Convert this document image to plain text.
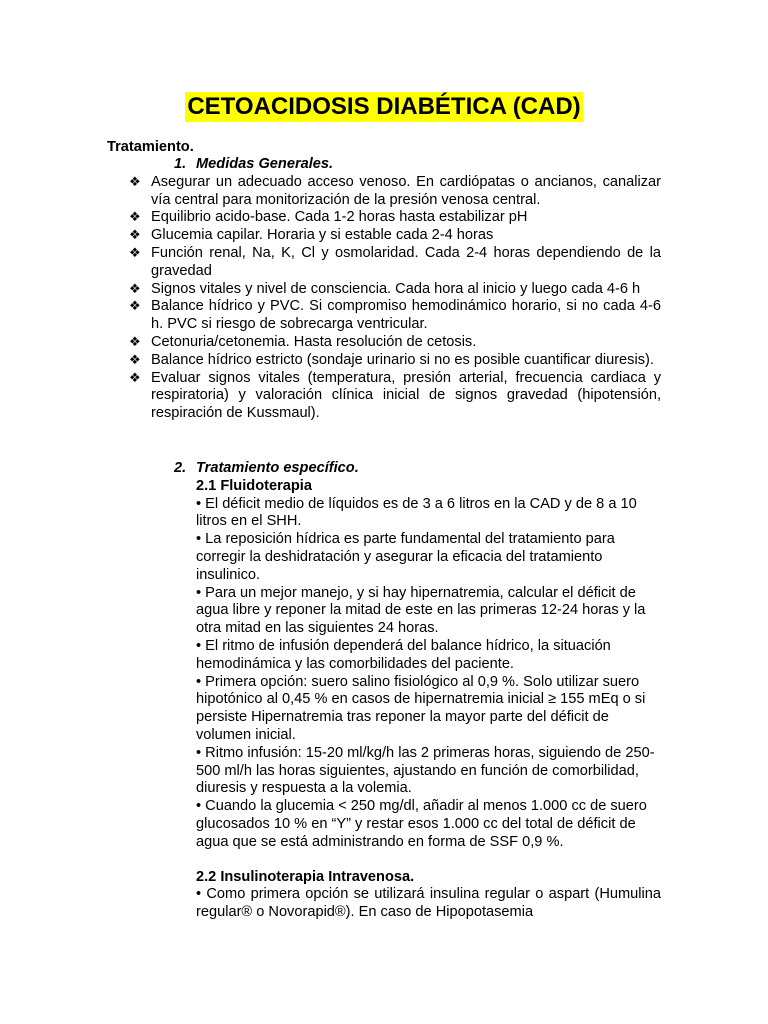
CETOACIDOSIS DIABÉTICA (CAD)
Tratamiento.
1. Medidas Generales.
❖ Asegurar un adecuado acceso venoso. En cardiópatas o ancianos, canalizar vía central para monitorización de la presión venosa central.
❖ Equilibrio acido-base. Cada 1-2 horas hasta estabilizar pH
❖ Glucemia capilar. Horaria y si estable cada 2-4 horas
❖ Función renal, Na, K, Cl y osmolaridad. Cada 2-4 horas dependiendo de la gravedad
❖ Signos vitales y nivel de consciencia. Cada hora al inicio y luego cada 4-6 h
❖ Balance hídrico y PVC. Si compromiso hemodinámico horario, si no cada 4-6 h. PVC si riesgo de sobrecarga ventricular.
❖ Cetonuria/cetonemia. Hasta resolución de cetosis.
❖ Balance hídrico estricto (sondaje urinario si no es posible cuantificar diuresis).
❖ Evaluar signos vitales (temperatura, presión arterial, frecuencia cardiaca y respiratoria) y valoración clínica inicial de signos gravedad (hipotensión, respiración de Kussmaul).
2. Tratamiento específico.
2.1 Fluidoterapia

• El déficit medio de líquidos es de 3 a 6 litros en la CAD y de 8 a 10 litros en el SHH.

• La reposición hídrica es parte fundamental del tratamiento para corregir la deshidratación y asegurar la eficacia del tratamiento insulinico.

• Para un mejor manejo, y si hay hipernatremia, calcular el déficit de agua libre y reponer la mitad de este en las primeras 12-24 horas y la otra mitad en las siguientes 24 horas.

• El ritmo de infusión dependerá del balance hídrico, la situación hemodinámica y las comorbilidades del paciente.

• Primera opción: suero salino fisiológico al 0,9 %. Solo utilizar suero hipotónico al 0,45 % en casos de hipernatremia inicial ≥ 155 mEq o si persiste Hipernatremia tras reponer la mayor parte del déficit de volumen inicial.

• Ritmo infusión: 15-20 ml/kg/h las 2 primeras horas, siguiendo de 250-500 ml/h las horas siguientes, ajustando en función de comorbilidad, diuresis y respuesta a la volemia.

• Cuando la glucemia < 250 mg/dl, añadir al menos 1.000 cc de suero glucosados 10 % en “Y” y restar esos 1.000 cc del total de déficit de agua que se está administrando en forma de SSF 0,9 %.

2.2 Insulinoterapia Intravenosa.

• Como primera opción se utilizará insulina regular o aspart (Humulina regular® o Novorapid®). En caso de Hipopotasemia
